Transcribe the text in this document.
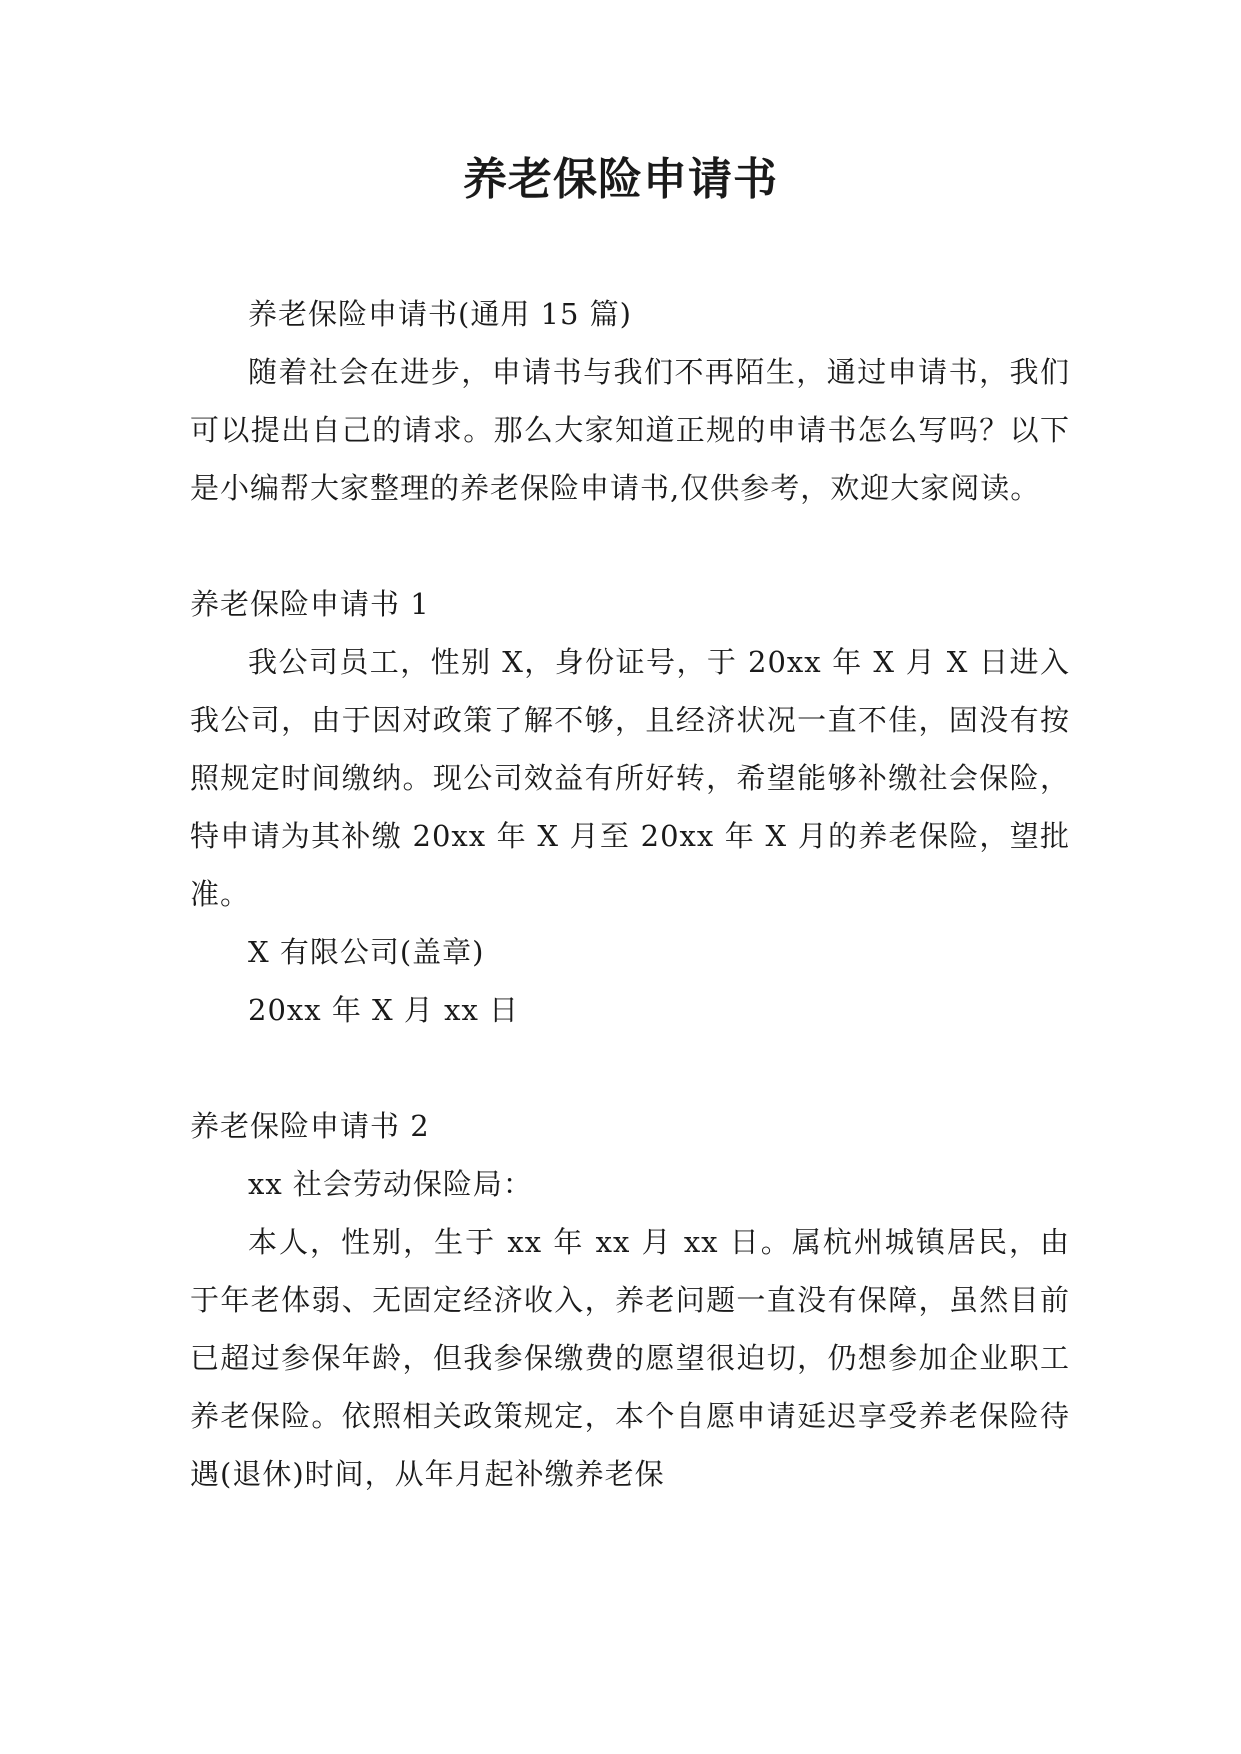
养老保险申请书

养老保险申请书(通用 15 篇)

随着社会在进步，申请书与我们不再陌生，通过申请书，我们可以提出自己的请求。那么大家知道正规的申请书怎么写吗？以下是小编帮大家整理的养老保险申请书,仅供参考，欢迎大家阅读。

养老保险申请书 1

我公司员工，性别 X，身份证号，于 20xx 年 X 月 X 日进入我公司，由于因对政策了解不够，且经济状况一直不佳，固没有按照规定时间缴纳。现公司效益有所好转，希望能够补缴社会保险，特申请为其补缴 20xx 年 X 月至 20xx 年 X 月的养老保险，望批准。

X 有限公司(盖章)

20xx 年 X 月 xx 日

养老保险申请书 2

xx 社会劳动保险局：

本人，性别，生于 xx 年 xx 月 xx 日。属杭州城镇居民，由于年老体弱、无固定经济收入，养老问题一直没有保障，虽然目前已超过参保年龄，但我参保缴费的愿望很迫切，仍想参加企业职工养老保险。依照相关政策规定，本个自愿申请延迟享受养老保险待遇(退休)时间，从年月起补缴养老保
